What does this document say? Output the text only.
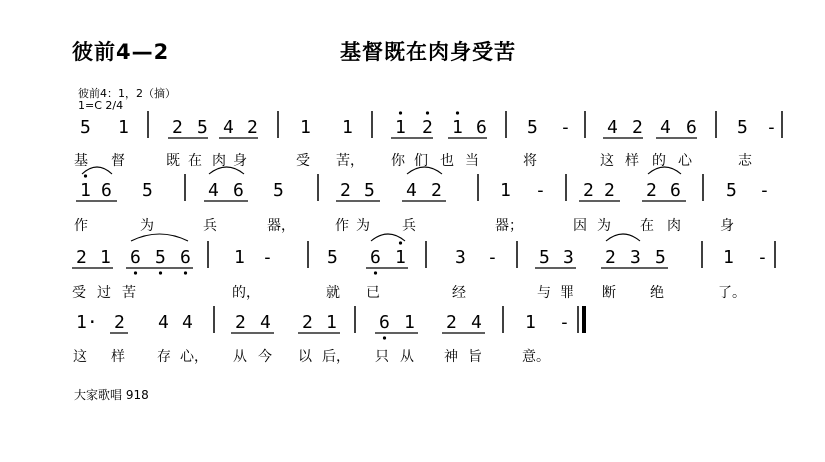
彼前4—2	基督既在肉身受苦
彼前4：1，2（摘）
1=C 2/4
5 1 2 5 4 2 1 1 1 2 1 6 5 - 4 2 4 6 5 -
基 督	既 在 肉 身	受 苦， 你 们 也 当	将	这 样 的 心	志
1 6 5	4 6 5	2 5 4 2	1 - 2 2 2 6	5 -
作	为	兵	器，	作 为 兵	器；	因 为 在 肉	身
2 1 6 5 6 1 -	5 6 1	3 - 5 3 2 3 5	1 -
受 过 苦	的，	就 已	经	与 罪 断 绝	了。
1· 2 4 4 2 4 2 1 6 1 2 4 1 -
这 样 存 心， 从 今 以 后， 只 从 神 旨	意。
大家歌唱 918
